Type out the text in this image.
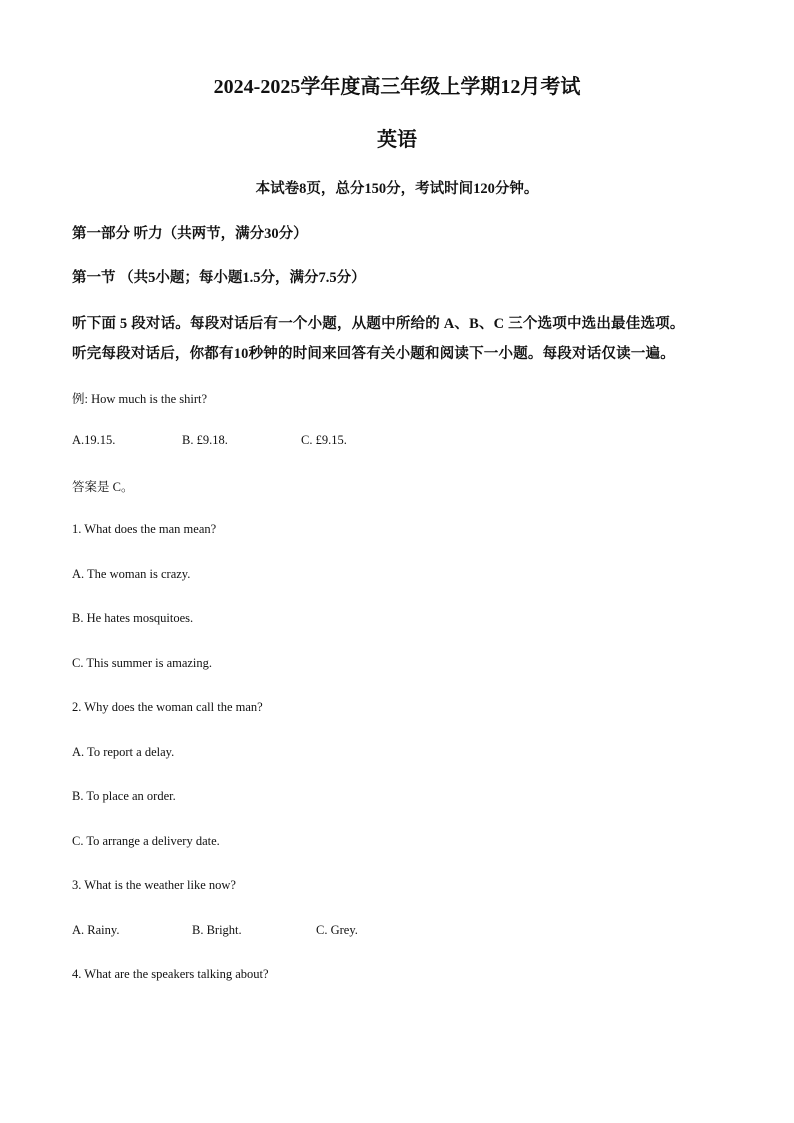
2024-2025学年度高三年级上学期12月考试
英语
本试卷8页，总分150分，考试时间120分钟。
第一部分 听力（共两节，满分30分）
第一节 （共5小题；每小题1.5分，满分7.5分）
听下面 5 段对话。每段对话后有一个小题，从题中所给的 A、B、C 三个选项中选出最佳选项。
听完每段对话后，你都有10秒钟的时间来回答有关小题和阅读下一小题。每段对话仅读一遍。
例: How much is the shirt?
A.19.15.	B. £9.18.	C. £9.15.
答案是 C。
1. What does the man mean?
A. The woman is crazy.
B. He hates mosquitoes.
C. This summer is amazing.
2. Why does the woman call the man?
A. To report a delay.
B. To place an order.
C. To arrange a delivery date.
3. What is the weather like now?
A. Rainy.	B. Bright.	C. Grey.
4. What are the speakers talking about?
